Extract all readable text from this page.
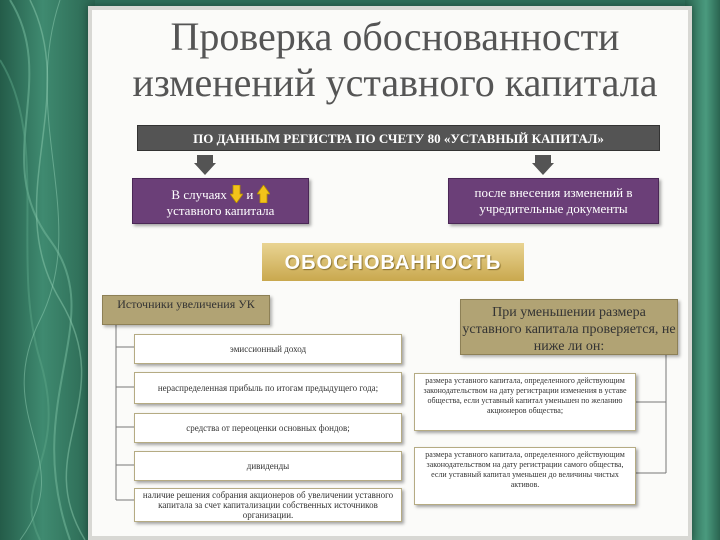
Проверка обоснованности
изменений уставного капитала
ПО ДАННЫМ РЕГИСТРА ПО СЧЕТУ 80 «УСТАВНЫЙ КАПИТАЛ»
В случаях и
уставного капитала
после внесения изменений в учредительные документы
ОБОСНОВАННОСТЬ
Источники увеличения УК
эмиссионный доход
нераспределенная прибыль по итогам предыдущего года;
средства от переоценки основных фондов;
дивиденды
наличие решения собрания акционеров об увеличении уставного капитала за счет капитализации собственных источников организации.
При уменьшении размера уставного капитала проверяется, не ниже ли он:
размера уставного капитала, определенного действующим законодательством на дату регистрации изменения в уставе общества, если уставный капитал уменьшен по желанию акционеров общества;
размера уставного капитала, определенного действующим законодательством на дату регистрации самого общества, если уставный капитал уменьшен до величины чистых активов.
